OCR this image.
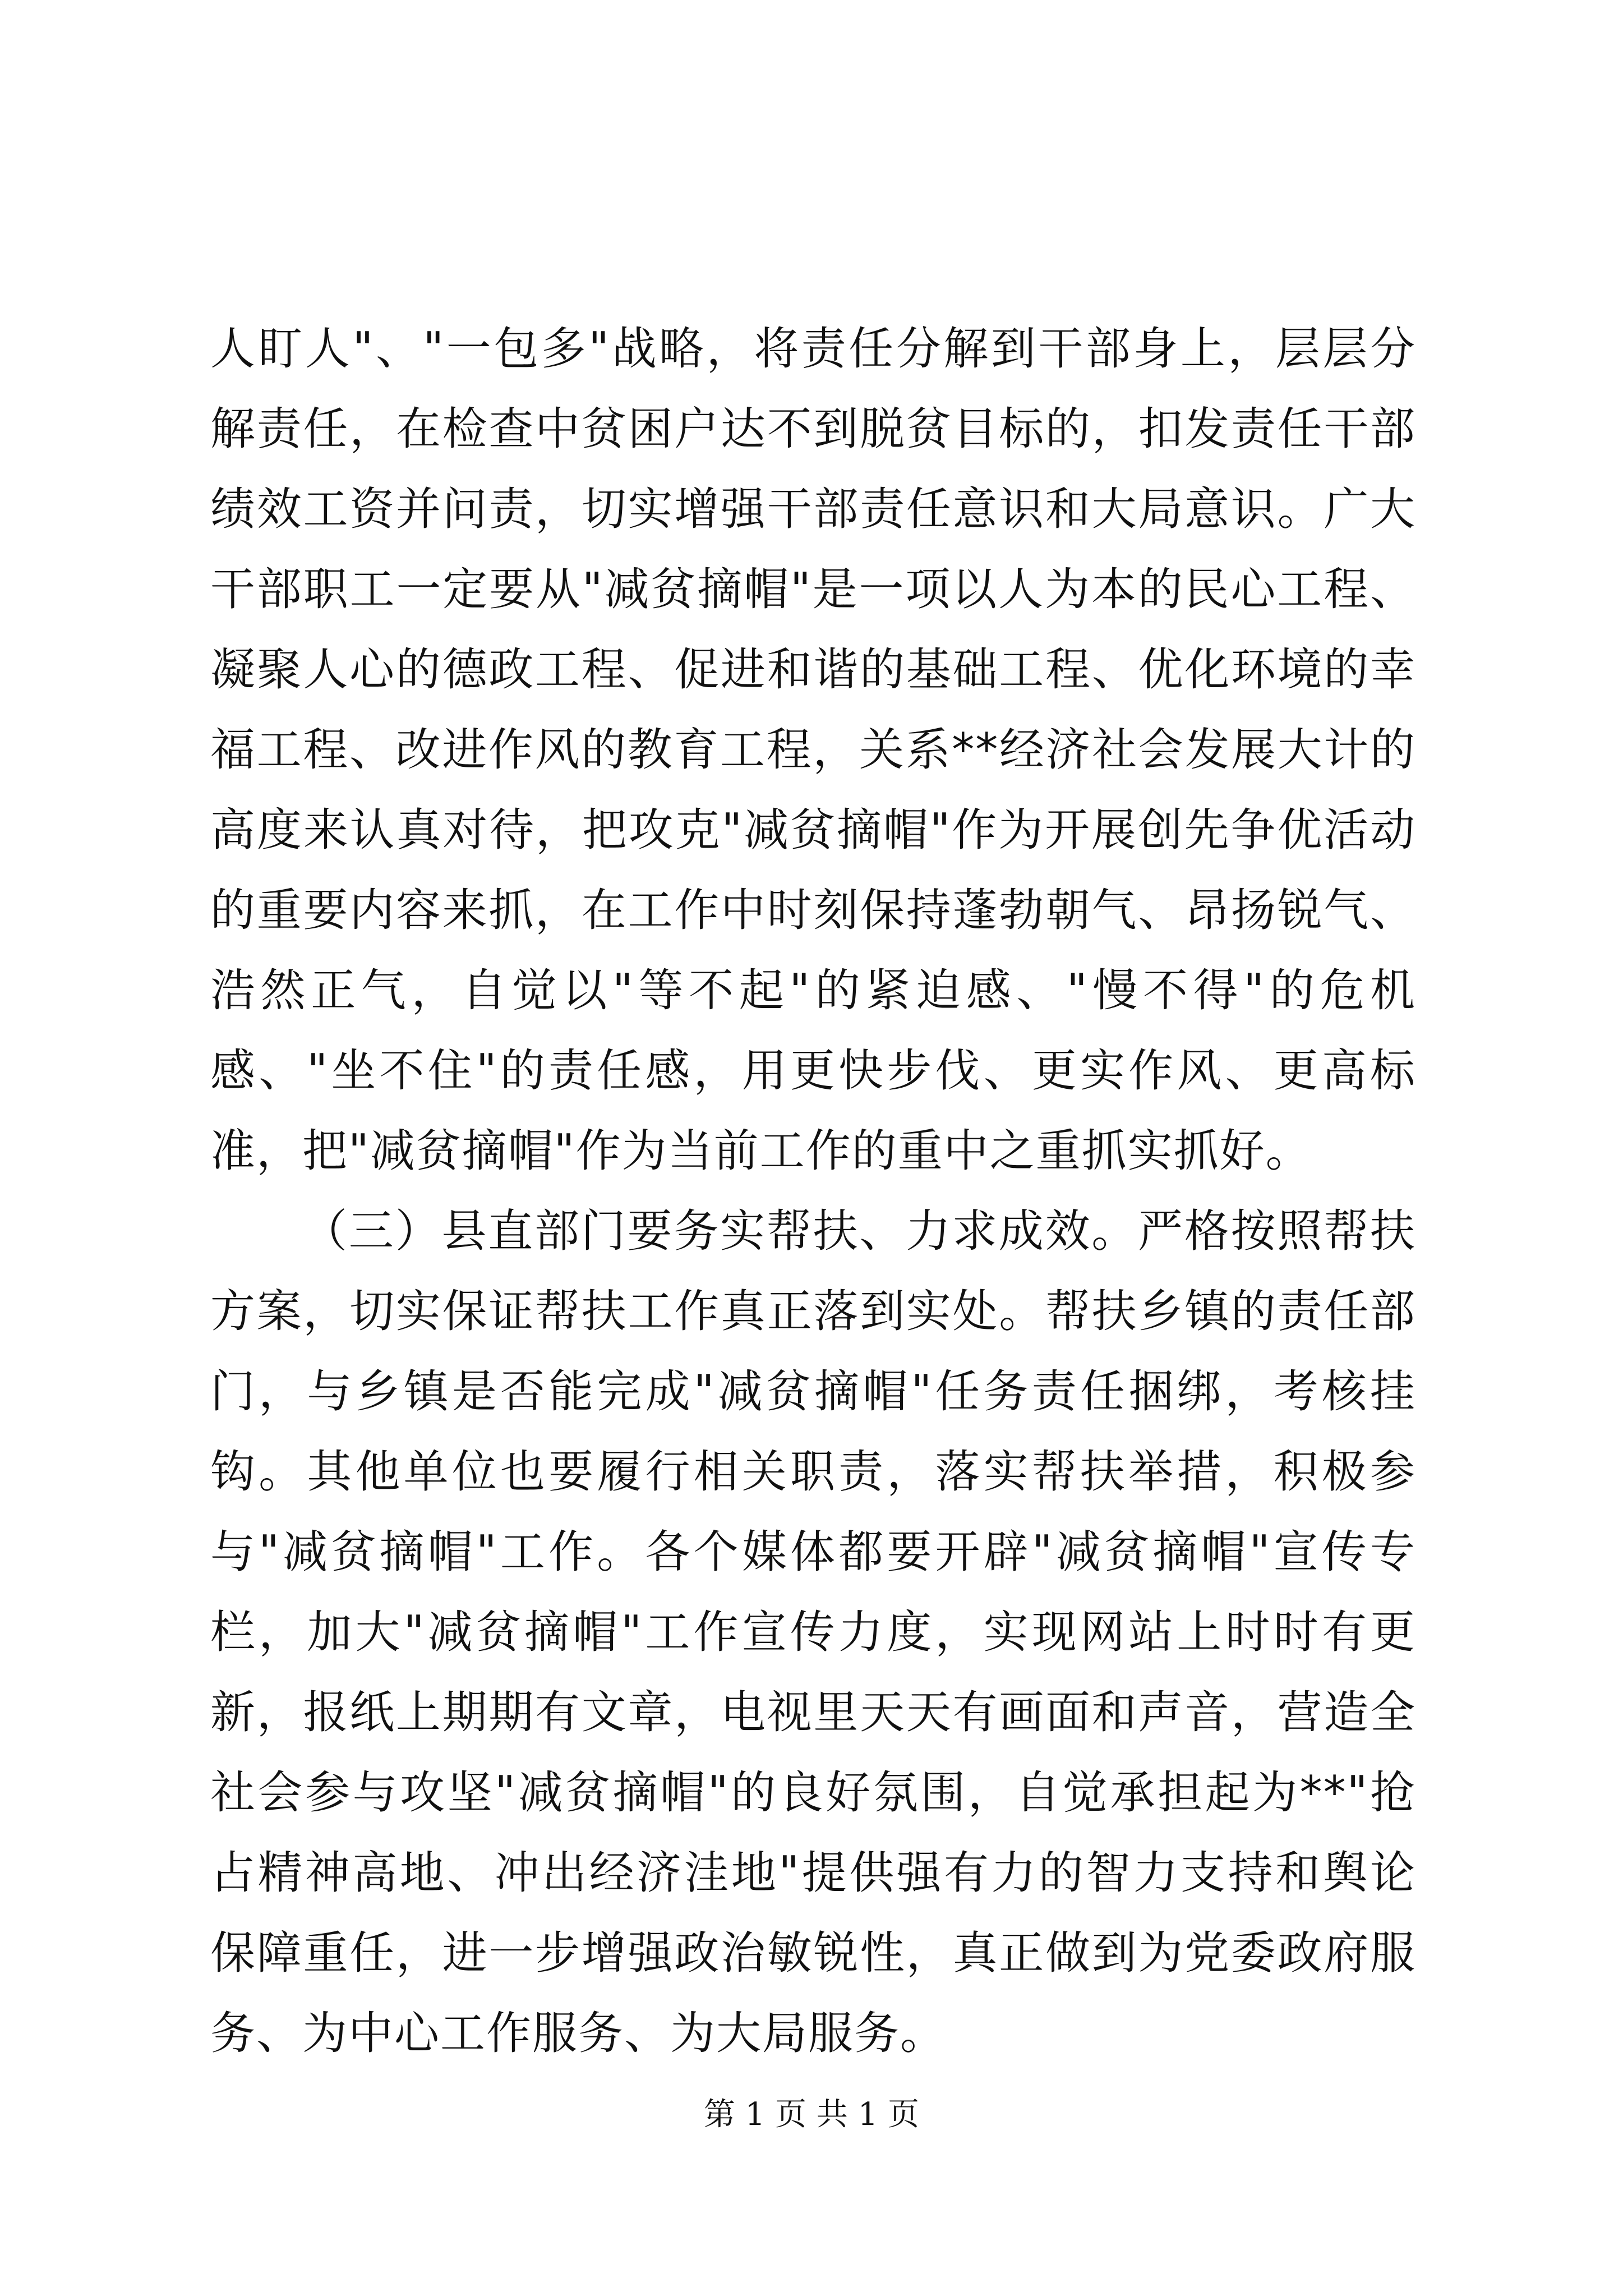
人盯人"、"一包多"战略，将责任分解到干部身上，层层分解责任，在检查中贫困户达不到脱贫目标的，扣发责任干部绩效工资并问责，切实增强干部责任意识和大局意识。广大干部职工一定要从"减贫摘帽"是一项以人为本的民心工程、凝聚人心的德政工程、促进和谐的基础工程、优化环境的幸福工程、改进作风的教育工程，关系**经济社会发展大计的高度来认真对待，把攻克"减贫摘帽"作为开展创先争优活动的重要内容来抓，在工作中时刻保持蓬勃朝气、昂扬锐气、浩然正气，自觉以"等不起"的紧迫感、"慢不得"的危机感、"坐不住"的责任感，用更快步伐、更实作风、更高标准，把"减贫摘帽"作为当前工作的重中之重抓实抓好。

（三）县直部门要务实帮扶、力求成效。严格按照帮扶方案，切实保证帮扶工作真正落到实处。帮扶乡镇的责任部门，与乡镇是否能完成"减贫摘帽"任务责任捆绑，考核挂钩。其他单位也要履行相关职责，落实帮扶举措，积极参与"减贫摘帽"工作。各个媒体都要开辟"减贫摘帽"宣传专栏，加大"减贫摘帽"工作宣传力度，实现网站上时时有更新，报纸上期期有文章，电视里天天有画面和声音，营造全社会参与攻坚"减贫摘帽"的良好氛围，自觉承担起为**"抢占精神高地、冲出经济洼地"提供强有力的智力支持和舆论保障重任，进一步增强政治敏锐性，真正做到为党委政府服务、为中心工作服务、为大局服务。

第 1 页 共 1 页
